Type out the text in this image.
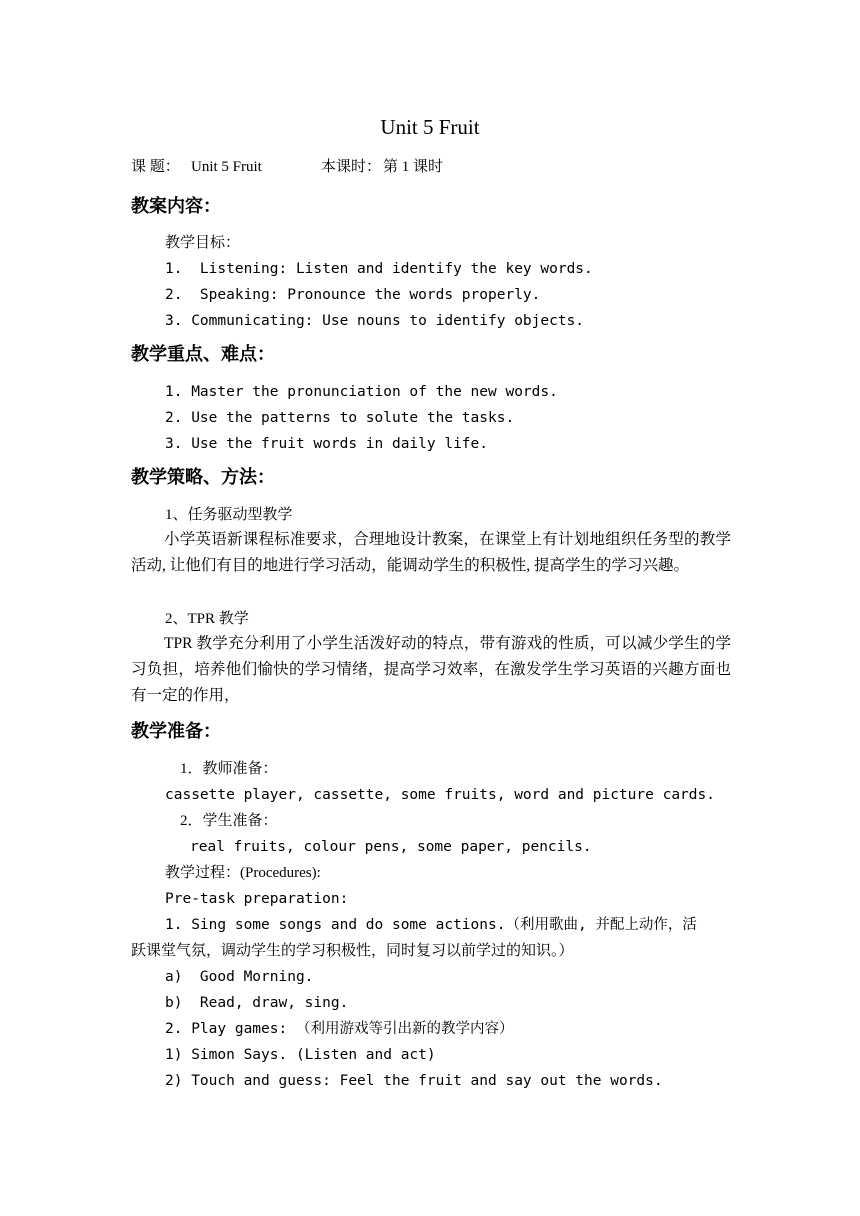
Unit 5 Fruit
课 题： Unit 5 Fruit	本课时： 第 1 课时
教案内容：
教学目标：
1.  Listening: Listen and identify the key words.
2.  Speaking: Pronounce the words properly.
3. Communicating: Use nouns to identify objects.
教学重点、难点：
1. Master the pronunciation of the new words.
2. Use the patterns to solute the tasks.
3. Use the fruit words in daily life.
教学策略、方法：
1、任务驱动型教学
小学英语新课程标准要求，合理地设计教案，在课堂上有计划地组织任务型的教学活动, 让他们有目的地进行学习活动，能调动学生的积极性, 提高学生的学习兴趣。
2、TPR 教学
TPR 教学充分利用了小学生活泼好动的特点，带有游戏的性质，可以减少学生的学习负担，培养他们愉快的学习情绪，提高学习效率，在激发学生学习英语的兴趣方面也有一定的作用，
教学准备：
1．教师准备：
cassette player, cassette, some fruits, word and picture cards.
2．学生准备：
real fruits, colour pens, some paper, pencils.
教学过程：(Procedures):
Pre-task preparation:
1. Sing some songs and do some actions.（利用歌曲, 并配上动作，活
跃课堂气氛，调动学生的学习积极性，同时复习以前学过的知识。）
a)  Good Morning.
b)  Read, draw, sing.
2. Play games: （利用游戏等引出新的教学内容）
1) Simon Says. (Listen and act)
2) Touch and guess: Feel the fruit and say out the words.
